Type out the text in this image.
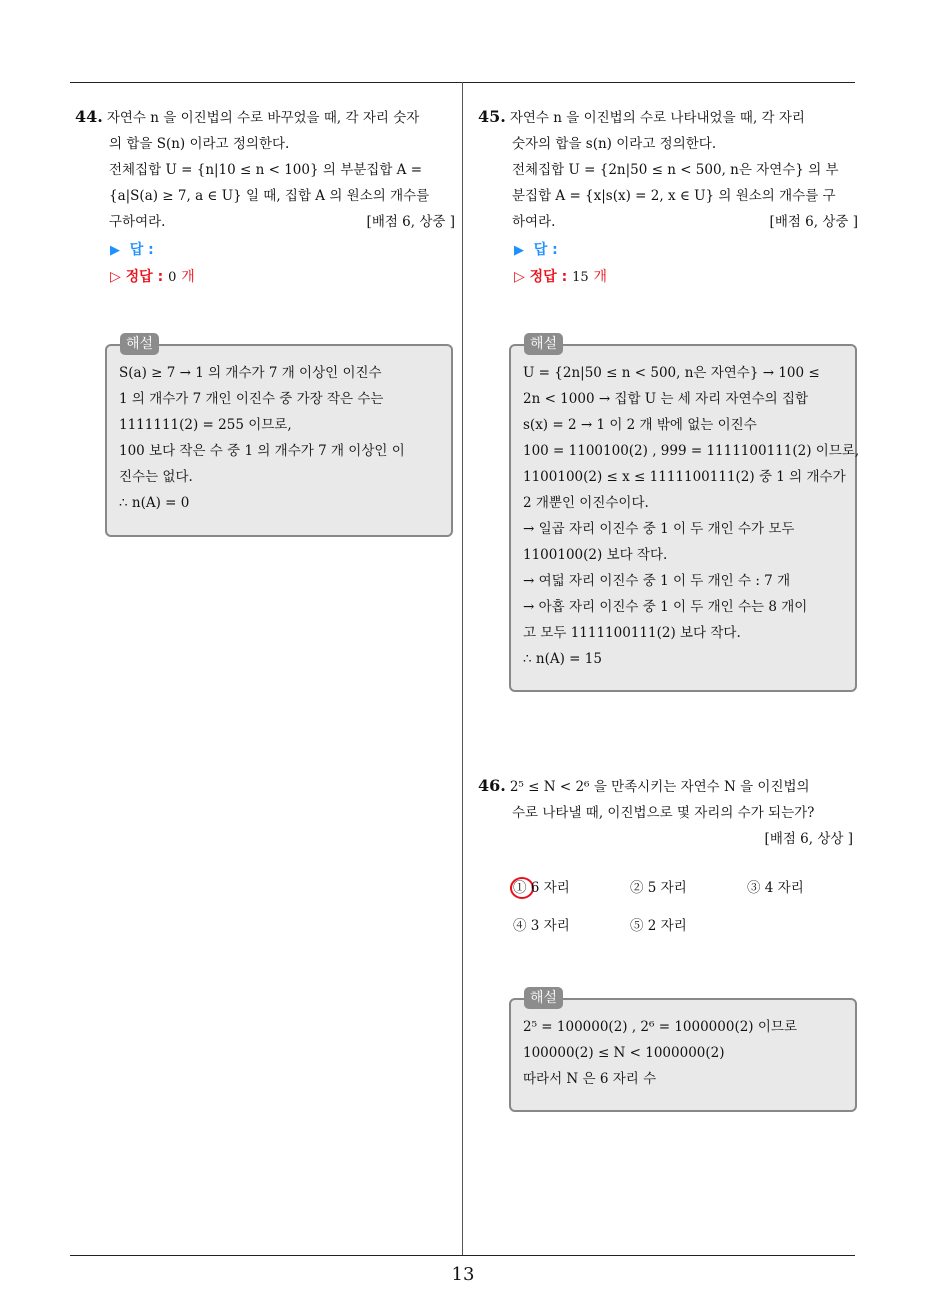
13
44. 자연수 n 을 이진법의 수로 바꾸었을 때, 각 자리 숫자
의 합을 S(n) 이라고 정의한다.
전체집합 U = {n|10 ≤ n < 100} 의 부분집합 A =
{a|S(a) ≥ 7, a ∈ U} 일 때, 집합 A 의 원소의 개수를
구하여라.	[배점 6, 상중 ]
▶ 답 :
▷ 정답 : 0 개
S(a) ≥ 7 → 1 의 개수가 7 개 이상인 이진수
1 의 개수가 7 개인 이진수 중 가장 작은 수는
1111111(2) = 255 이므로,
100 보다 작은 수 중 1 의 개수가 7 개 이상인 이
진수는 없다.
∴ n(A) = 0
해설
45. 자연수 n 을 이진법의 수로 나타내었을 때, 각 자리
숫자의 합을 s(n) 이라고 정의한다.
전체집합 U = {2n|50 ≤ n < 500, n은 자연수} 의 부
분집합 A = {x|s(x) = 2, x ∈ U} 의 원소의 개수를 구
하여라.	[배점 6, 상중 ]
▶ 답 :
▷ 정답 : 15 개
U = {2n|50 ≤ n < 500, n은 자연수} → 100 ≤
2n < 1000 → 집합 U 는 세 자리 자연수의 집합
s(x) = 2 → 1 이 2 개 밖에 없는 이진수
100 = 1100100(2) , 999 = 1111100111(2) 이므로,
1100100(2) ≤ x ≤ 1111100111(2) 중 1 의 개수가
2 개뿐인 이진수이다.
→ 일곱 자리 이진수 중 1 이 두 개인 수가 모두
1100100(2) 보다 작다.
→ 여덟 자리 이진수 중 1 이 두 개인 수 : 7 개
→ 아홉 자리 이진수 중 1 이 두 개인 수는 8 개이
고 모두 1111100111(2) 보다 작다.
∴ n(A) = 15
해설
46. 2⁵ ≤ N < 2⁶ 을 만족시키는 자연수 N 을 이진법의
수로 나타낼 때, 이진법으로 몇 자리의 수가 되는가?
[배점 6, 상상 ]
① 6 자리	② 5 자리	③ 4 자리
④ 3 자리	⑤ 2 자리
2⁵ = 100000(2) , 2⁶ = 1000000(2) 이므로
100000(2) ≤ N < 1000000(2)
따라서 N 은 6 자리 수
해설
